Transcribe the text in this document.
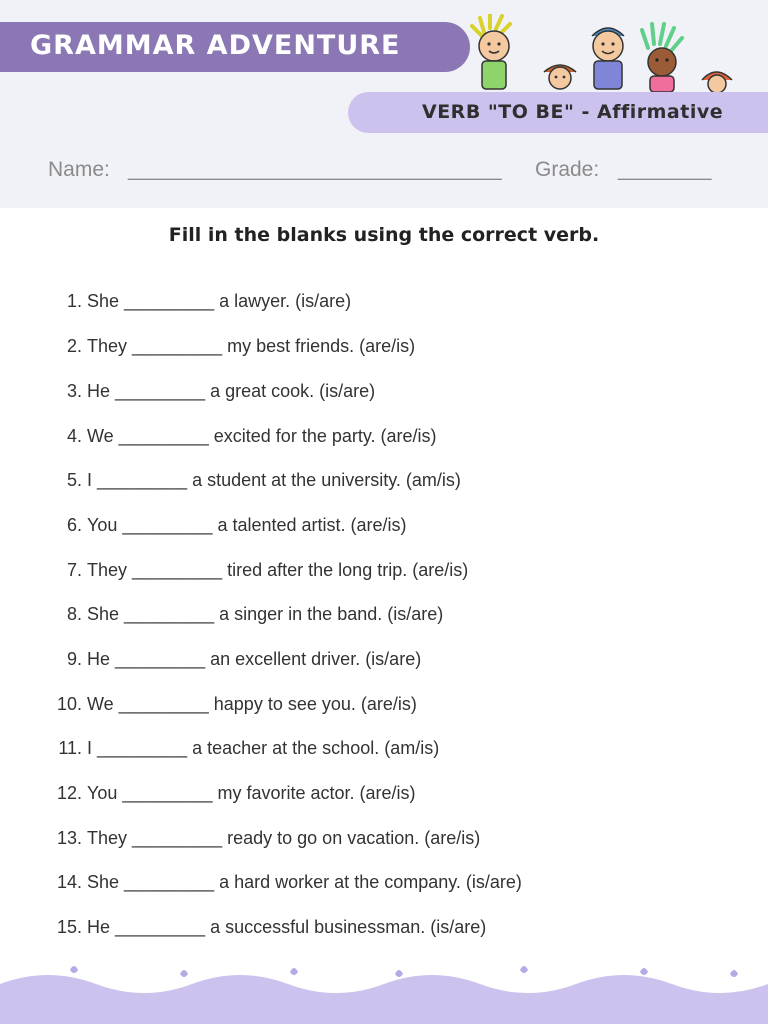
GRAMMAR ADVENTURE
VERB "TO BE" - Affirmative
Name: ________________________________ Grade: ________
Fill in the blanks using the correct verb.
1. She _________ a lawyer. (is/are)
2. They _________ my best friends. (are/is)
3. He _________ a great cook. (is/are)
4. We _________ excited for the party. (are/is)
5. I _________ a student at the university. (am/is)
6. You _________ a talented artist. (are/is)
7. They _________ tired after the long trip. (are/is)
8. She _________ a singer in the band. (is/are)
9. He _________ an excellent driver. (is/are)
10. We _________ happy to see you. (are/is)
11. I _________ a teacher at the school. (am/is)
12. You _________ my favorite actor. (are/is)
13. They _________ ready to go on vacation. (are/is)
14. She _________ a hard worker at the company. (is/are)
15. He _________ a successful businessman. (is/are)
